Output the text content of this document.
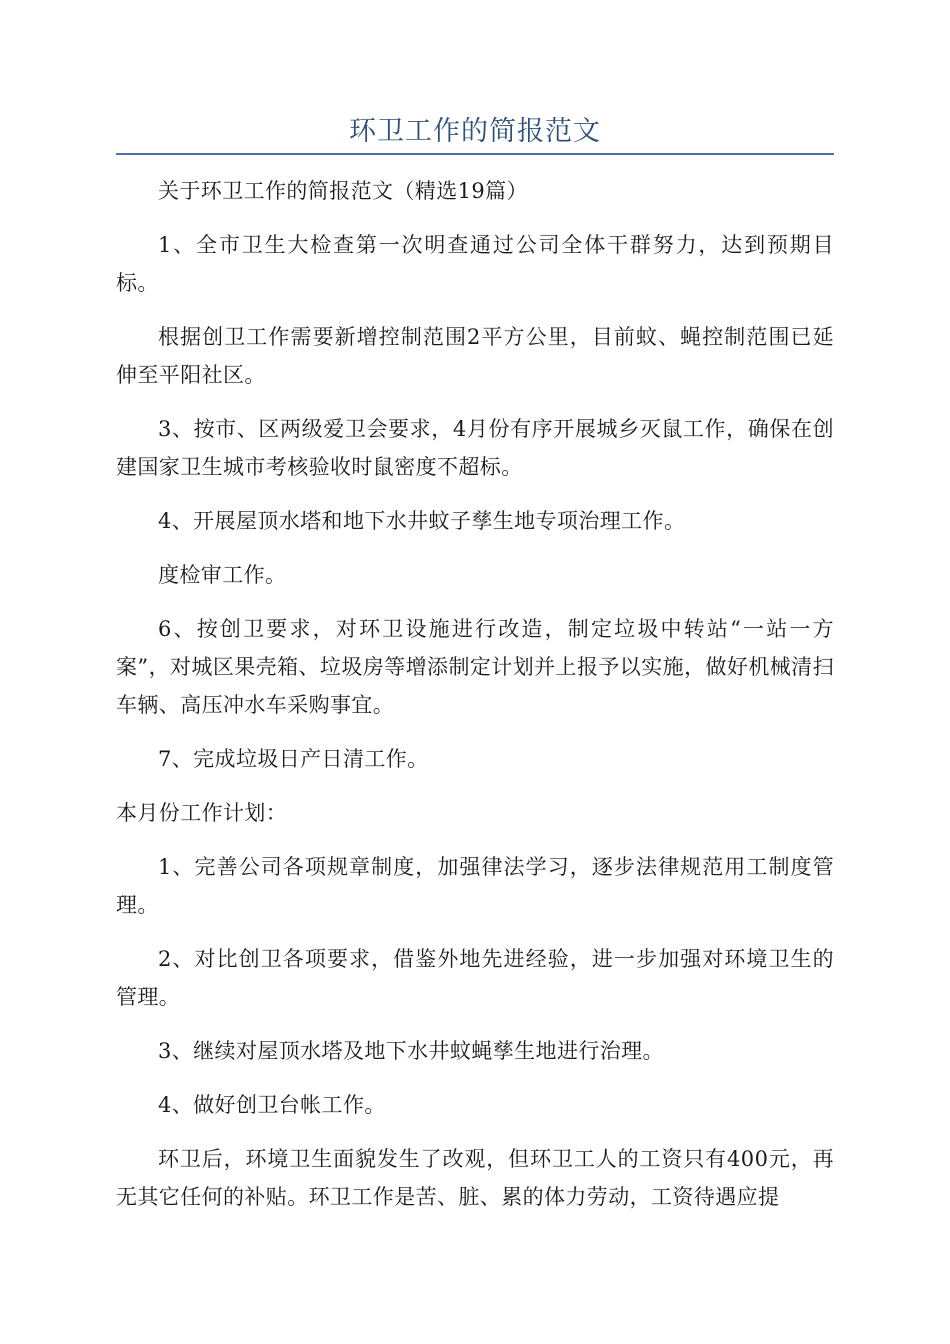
环卫工作的简报范文

关于环卫工作的简报范文（精选19篇）

1、全市卫生大检查第一次明查通过公司全体干群努力，达到预期目标。

根据创卫工作需要新增控制范围2平方公里，目前蚊、蝇控制范围已延伸至平阳社区。

3、按市、区两级爱卫会要求，4月份有序开展城乡灭鼠工作，确保在创建国家卫生城市考核验收时鼠密度不超标。

4、开展屋顶水塔和地下水井蚊子孳生地专项治理工作。

度检审工作。

6、按创卫要求，对环卫设施进行改造，制定垃圾中转站“一站一方案”，对城区果壳箱、垃圾房等增添制定计划并上报予以实施，做好机械清扫车辆、高压冲水车采购事宜。

7、完成垃圾日产日清工作。

本月份工作计划：

1、完善公司各项规章制度，加强律法学习，逐步法律规范用工制度管理。

2、对比创卫各项要求，借鉴外地先进经验，进一步加强对环境卫生的管理。

3、继续对屋顶水塔及地下水井蚊蝇孳生地进行治理。

4、做好创卫台帐工作。

环卫后，环境卫生面貌发生了改观，但环卫工人的工资只有400元，再无其它任何的补贴。环卫工作是苦、脏、累的体力劳动，工资待遇应提
